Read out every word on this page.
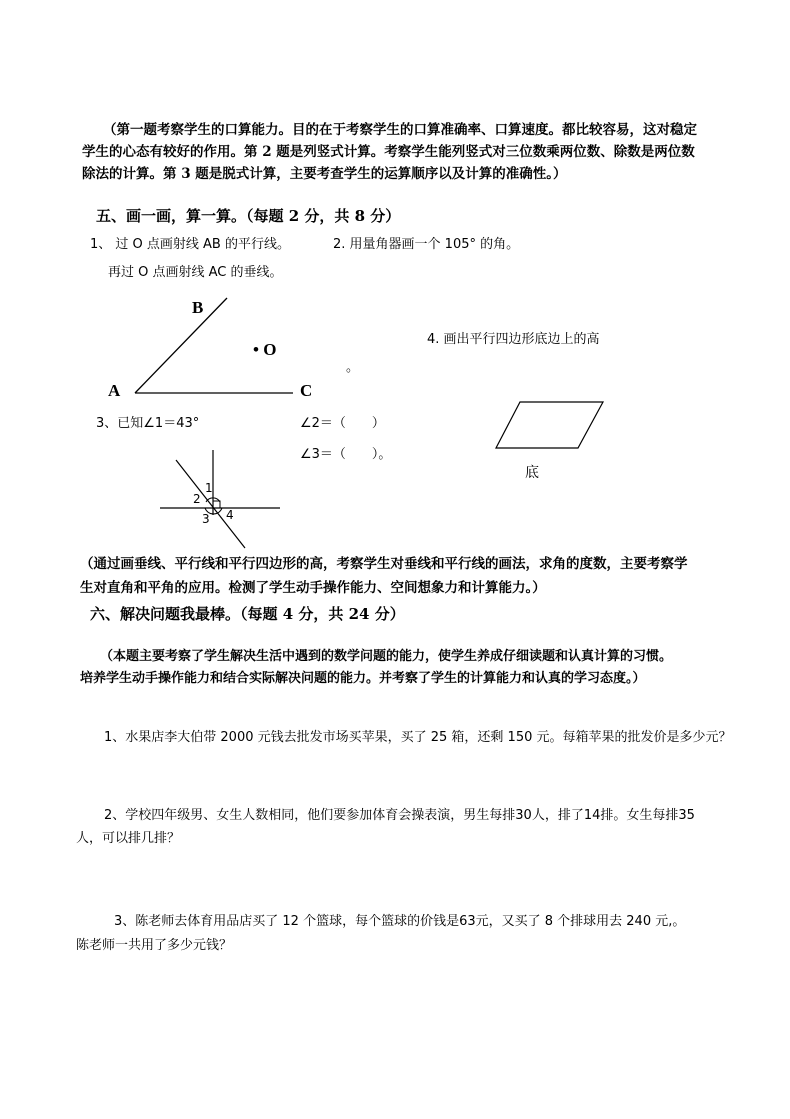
（第一题考察学生的口算能力。目的在于考察学生的口算准确率、口算速度。都比较容易，这对稳定
学生的心态有较好的作用。第 2 题是列竖式计算。考察学生能列竖式对三位数乘两位数、除数是两位数
除法的计算。第 3 题是脱式计算，主要考查学生的运算顺序以及计算的准确性。）
五、画一画，算一算。（每题 2 分，共 8 分）
1、 过 O 点画射线 AB 的平行线。	2. 用量角器画一个 105° 的角。
再过 O 点画射线 AC 的垂线。
B
• O
A	C
4. 画出平行四边形底边上的高
。
3、已知∠1＝43°	∠2＝（　　）
∠3＝（　　）。
底
1
2
3 4
（通过画垂线、平行线和平行四边形的高，考察学生对垂线和平行线的画法，求角的度数，主要考察学
生对直角和平角的应用。检测了学生动手操作能力、空间想象力和计算能力。）
六、解决问题我最棒。（每题 4 分，共 24 分）
（本题主要考察了学生解决生活中遇到的数学问题的能力，使学生养成仔细读题和认真计算的习惯。
培养学生动手操作能力和结合实际解决问题的能力。并考察了学生的计算能力和认真的学习态度。）
1、水果店李大伯带 2000 元钱去批发市场买苹果，买了 25 箱，还剩 150 元。每箱苹果的批发价是多少元？
2、学校四年级男、女生人数相同，他们要参加体育会操表演，男生每排30人，排了14排。女生每排35
人，可以排几排？
3、陈老师去体育用品店买了 12 个篮球，每个篮球的价钱是63元，又买了 8 个排球用去 240 元,。
陈老师一共用了多少元钱？
